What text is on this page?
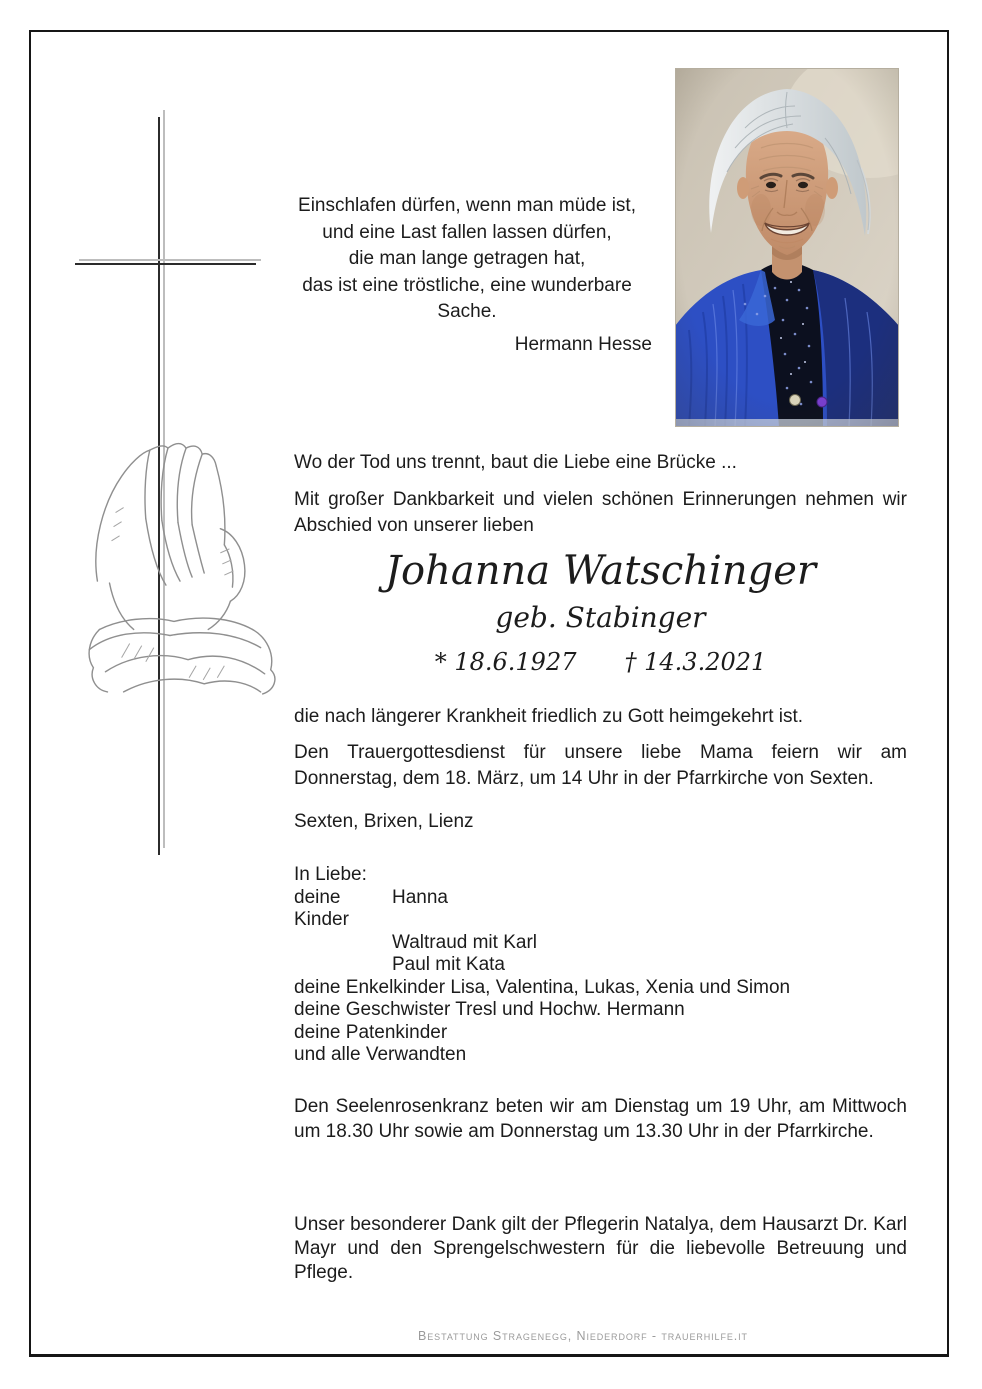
Einschlafen dürfen, wenn man müde ist,
und eine Last fallen lassen dürfen,
die man lange getragen hat,
das ist eine tröstliche, eine wunderbare Sache.
Hermann Hesse
Wo der Tod uns trennt, baut die Liebe eine Brücke ...
Mit großer Dankbarkeit und vielen schönen Erinnerungen nehmen wir Abschied von unserer lieben
Johanna Watschinger
geb. Stabinger
* 18.6.1927 † 14.3.2021
die nach längerer Krankheit friedlich zu Gott heimgekehrt ist.
Den Trauergottesdienst für unsere liebe Mama feiern wir am Donnerstag, dem 18. März, um 14 Uhr in der Pfarrkirche von Sexten.
Sexten, Brixen, Lienz
In Liebe:
deine Kinder
Hanna
Waltraud mit Karl
Paul mit Kata
deine Enkelkinder Lisa, Valentina, Lukas, Xenia und Simon
deine Geschwister Tresl und Hochw. Hermann
deine Patenkinder
und alle Verwandten
Den Seelenrosenkranz beten wir am Dienstag um 19 Uhr, am Mittwoch um 18.30 Uhr sowie am Donnerstag um 13.30 Uhr in der Pfarrkirche.
Unser besonderer Dank gilt der Pflegerin Natalya, dem Hausarzt Dr. Karl Mayr und den Sprengelschwestern für die liebevolle Betreuung und Pflege.
Bestattung Stragenegg, Niederdorf - trauerhilfe.it
